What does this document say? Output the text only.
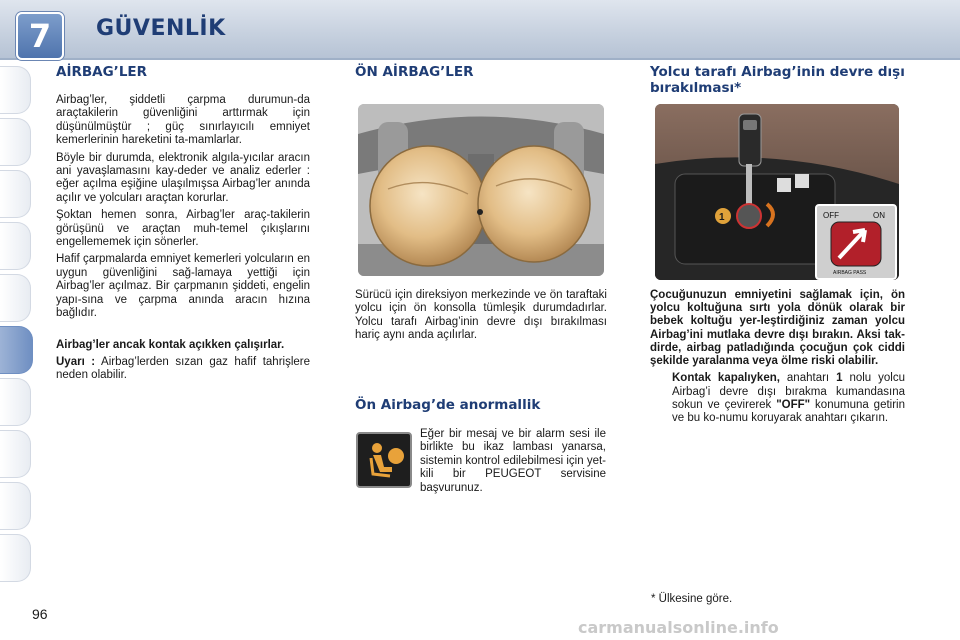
7	GÜVENLİK
AİRBAG’LER

Airbag’ler, şiddetli çarpma durumun-da araçtakilerin güvenliğini arttırmak için düşünülmüştür ; güç sınırlayıcılı emniyet kemerlerinin hareketini ta-mamlarlar.

Böyle bir durumda, elektronik algıla-yıcılar aracın ani yavaşlamasını kay-deder ve analiz ederler : eğer açılma eşiğine ulaşılmışsa Airbag’ler anında açılır ve yolcuları araçtan korurlar.

Şoktan hemen sonra, Airbag’ler araç-takilerin görüşünü ve araçtan muh-temel çıkışlarını engellememek için sönerler.

Hafif çarpmalarda emniyet kemerleri yolcuların en uygun güvenliğini sağ-lamaya yettiği için Airbag’ler açılmaz. Bir çarpmanın şiddeti, engelin yapı-sına ve çarpma anında aracın hızına bağlıdır.

Airbag’ler ancak kontak açıkken çalışırlar.

Uyarı : Airbag’lerden sızan gaz hafif tahrişlere neden olabilir.

ÖN AİRBAG’LER

Sürücü için direksiyon merkezinde ve ön taraftaki yolcu için ön konsolla tümleşik durumdadırlar. Yolcu tarafı Airbag’inin devre dışı bırakılması hariç aynı anda açılırlar.

Ön Airbag’de anormallik

Eğer bir mesaj ve bir alarm sesi ile birlikte bu ikaz lambası yanarsa, sistemin kontrol edilebilmesi için yet-kili bir PEUGEOT servisine başvurunuz.

Yolcu tarafı Airbag’inin devre dışı bırakılması*
1	OFF	ON
AIRBAG PASS

Çocuğunuzun emniyetini sağlamak için, ön yolcu koltuğuna sırtı yola dönük olarak bir bebek koltuğu yer-leştirdiğiniz zaman yolcu Airbag’ini mutlaka devre dışı bırakın. Aksi tak-dirde, airbag patladığında çocuğun çok ciddi şekilde yaralanma veya ölme riski olabilir.

Kontak kapalıyken, anahtarı 1 nolu yolcu Airbag’i devre dışı bırakma kumandasına sokun ve çevirerek "OFF" konumuna getirin ve bu ko-numu koruyarak anahtarı çıkarın.

* Ülkesine göre.
96
carmanualsonline.info
